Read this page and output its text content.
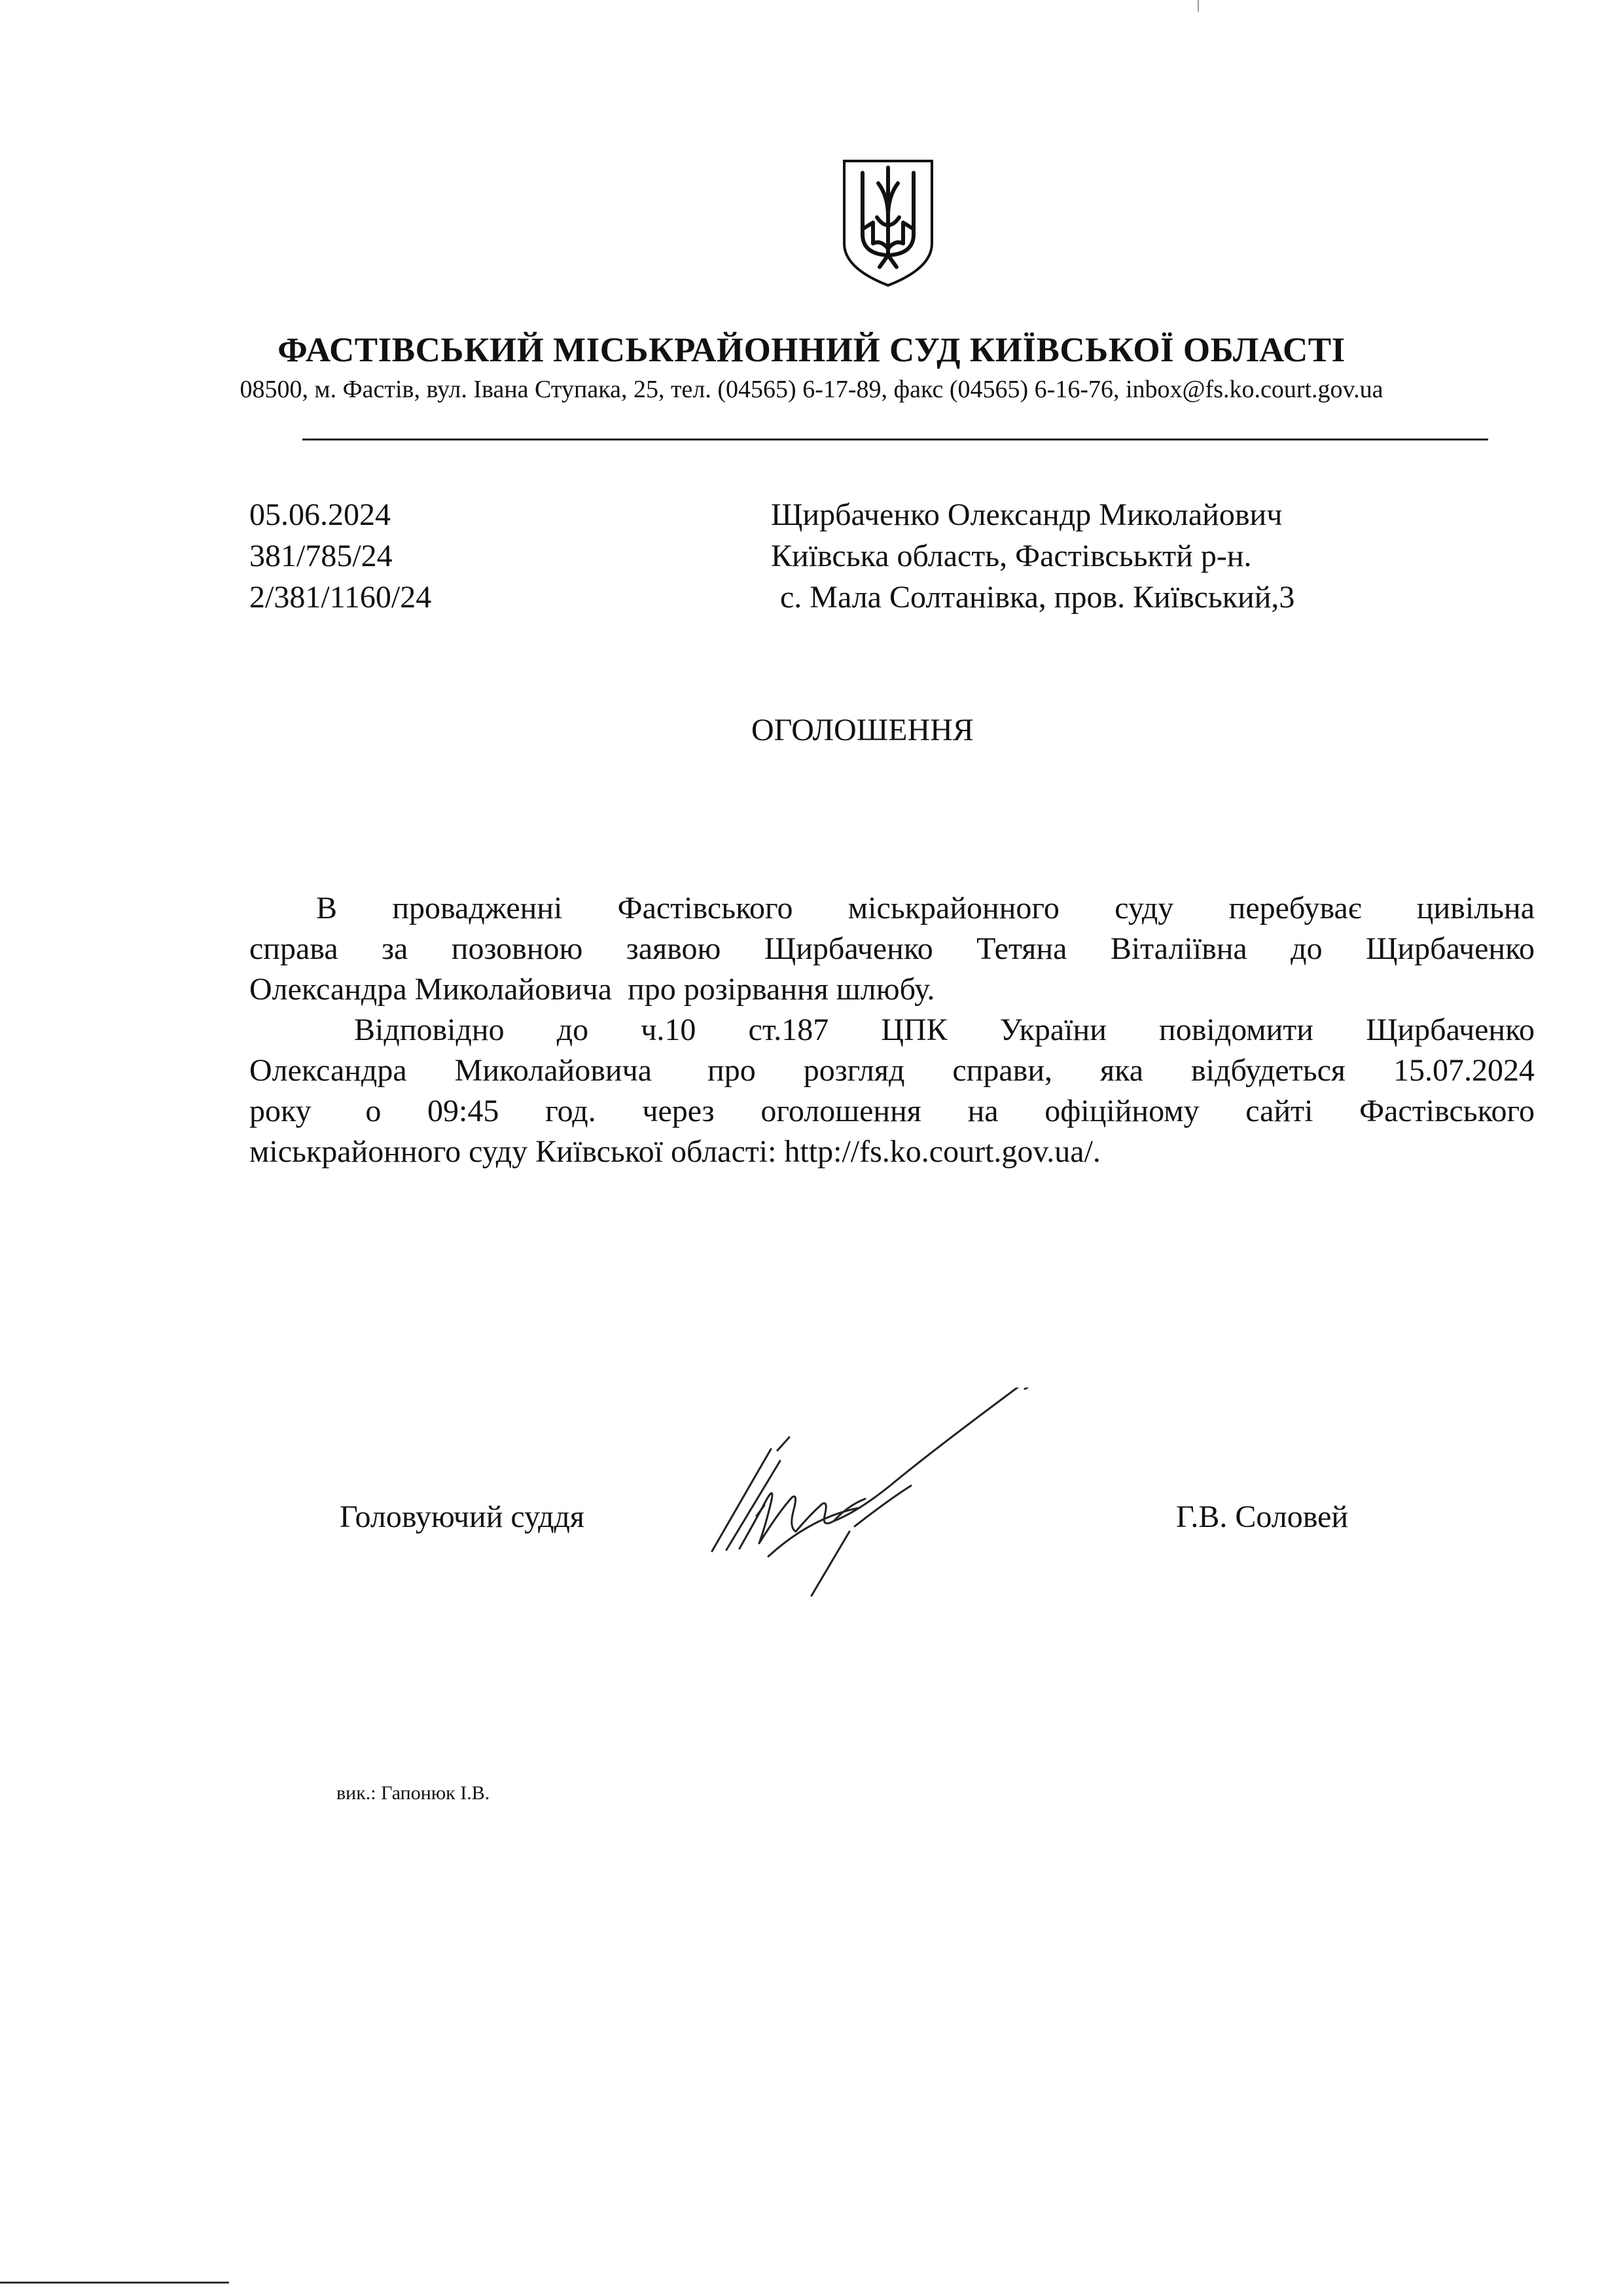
ФАСТІВСЬКИЙ МІСЬКРАЙОННИЙ СУД КИЇВСЬКОЇ ОБЛАСТІ
08500, м. Фастів, вул. Івана Ступака, 25, тел. (04565) 6-17-89, факс (04565) 6-16-76, inbox@fs.ko.court.gov.ua
05.06.2024
381/785/24
2/381/1160/24
Щирбаченко Олександр Миколайович
Київська область, Фастівсььктй р-н.
с. Мала Солтанівка, пров. Київський,3
ОГОЛОШЕННЯ
В провадженні Фастівського міськрайонного суду перебуває цивільна
справа за позовною заявою Щирбаченко Тетяна Віталіївна до Щирбаченко
Олександра Миколайовича  про розірвання шлюбу.
Відповідно до ч.10 ст.187 ЦПК України повідомити Щирбаченко
Олександра Миколайовича про розгляд справи, яка відбудеться 15.07.2024
року о 09:45 год. через оголошення на офіційному сайті Фастівського
міськрайонного суду Київської області: http://fs.ko.court.gov.ua/.
Головуючий суддя	Г.В. Соловей
вик.: Гапонюк І.В.
